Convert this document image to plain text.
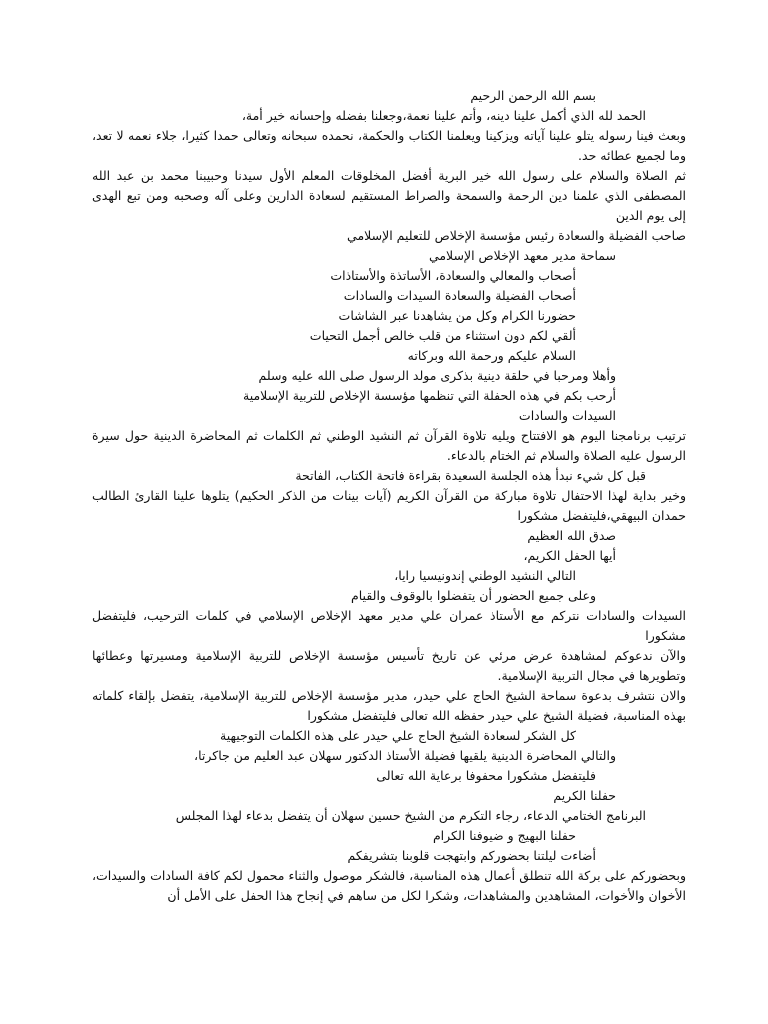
بسم الله الرحمن الرحيم

الحمد لله الذي أكمل علينا دينه، وأتم علينا نعمة،وجعلنا بفضله وإحسانه خير أمة،

وبعث فينا رسوله يتلو علينا آياته ويزكينا ويعلمنا الكتاب والحكمة، نحمده سبحانه وتعالى حمدا كثيرا، جلاء نعمه لا تعد، وما لجميع عطائه حد.

ثم الصلاة والسلام على رسول الله خير البرية أفضل المخلوقات المعلم الأول سيدنا وحبيبنا محمد بن عبد الله المصطفى الذي علمنا دين الرحمة والسمحة والصراط المستقيم لسعادة الدارين وعلى آله وصحبه ومن تبع الهدى إلى يوم الدين

صاحب الفضيلة والسعادة رئيس مؤسسة الإخلاص للتعليم الإسلامي

سماحة مدير معهد الإخلاص الإسلامي

أصحاب والمعالي والسعادة، الأساتذة والأستاذات

أصحاب الفضيلة والسعادة السيدات والسادات

حضورنا الكرام وكل من يشاهدنا عبر الشاشات

ألقي لكم دون استثناء من قلب خالص أجمل التحيات

السلام عليكم ورحمة الله وبركاته

وأهلا ومرحبا في حلقة دينية بذكرى مولد الرسول صلى الله عليه وسلم

أرحب بكم في هذه الحفلة التي تنظمها مؤسسة الإخلاص للتربية الإسلامية

السيدات والسادات

ترتيب برنامجنا اليوم هو الافتتاح ويليه تلاوة القرآن ثم النشيد الوطني ثم الكلمات ثم المحاضرة الدينية حول سيرة الرسول عليه الصلاة والسلام ثم الختام بالدعاء.

قبل كل شيء نبدأ هذه الجلسة السعيدة بقراءة فاتحة الكتاب، الفاتحة

وخير بداية لهذا الاحتفال تلاوة مباركة من القرآن الكريم (آيات بينات من الذكر الحكيم) يتلوها علينا القارئ الطالب حمدان البيهقي،فليتفضل مشكورا

صدق الله العظيم

أيها الحفل الكريم،

التالي النشيد الوطني إندونيسيا رايا،

وعلى جميع الحضور أن يتفضلوا بالوقوف والقيام

السيدات والسادات نتركم مع الأستاذ عمران علي مدير معهد الإخلاص الإسلامي في كلمات الترحيب، فليتفضل مشكورا

والآن ندعوكم لمشاهدة عرض مرئي عن تاريخ تأسيس مؤسسة الإخلاص للتربية الإسلامية ومسيرتها وعطائها وتطويرها في مجال التربية الإسلامية.

والان نتشرف بدعوة سماحة الشيخ الحاج علي حيدر، مدير مؤسسة الإخلاص للتربية الإسلامية، يتفضل بإلقاء كلماته بهذه المناسبة، فضيلة الشيخ علي حيدر حفظه الله تعالى فليتفضل مشكورا

كل الشكر لسعادة الشيخ الحاج علي حيدر على هذه الكلمات التوجيهية

والتالي المحاضرة الدينية يلقيها فضيلة الأستاذ الدكتور سهلان عبد العليم من جاكرتا،

فليتفضل مشكورا محفوفا برعاية الله تعالى

حفلنا الكريم

البرنامج الختامي الدعاء، رجاء التكرم من الشيخ حسين سهلان أن يتفضل بدعاء لهذا المجلس

حفلنا البهيج و ضيوفنا الكرام

أضاءت ليلتنا بحضوركم وابتهجت قلوبنا بتشريفكم

وبحضوركم على بركة الله تنطلق أعمال هذه المناسبة، فالشكر موصول والثناء محمول لكم كافة السادات والسيدات، الأخوان والأخوات، المشاهدين والمشاهدات، وشكرا لكل من ساهم في إنجاح هذا الحفل على الأمل أن
